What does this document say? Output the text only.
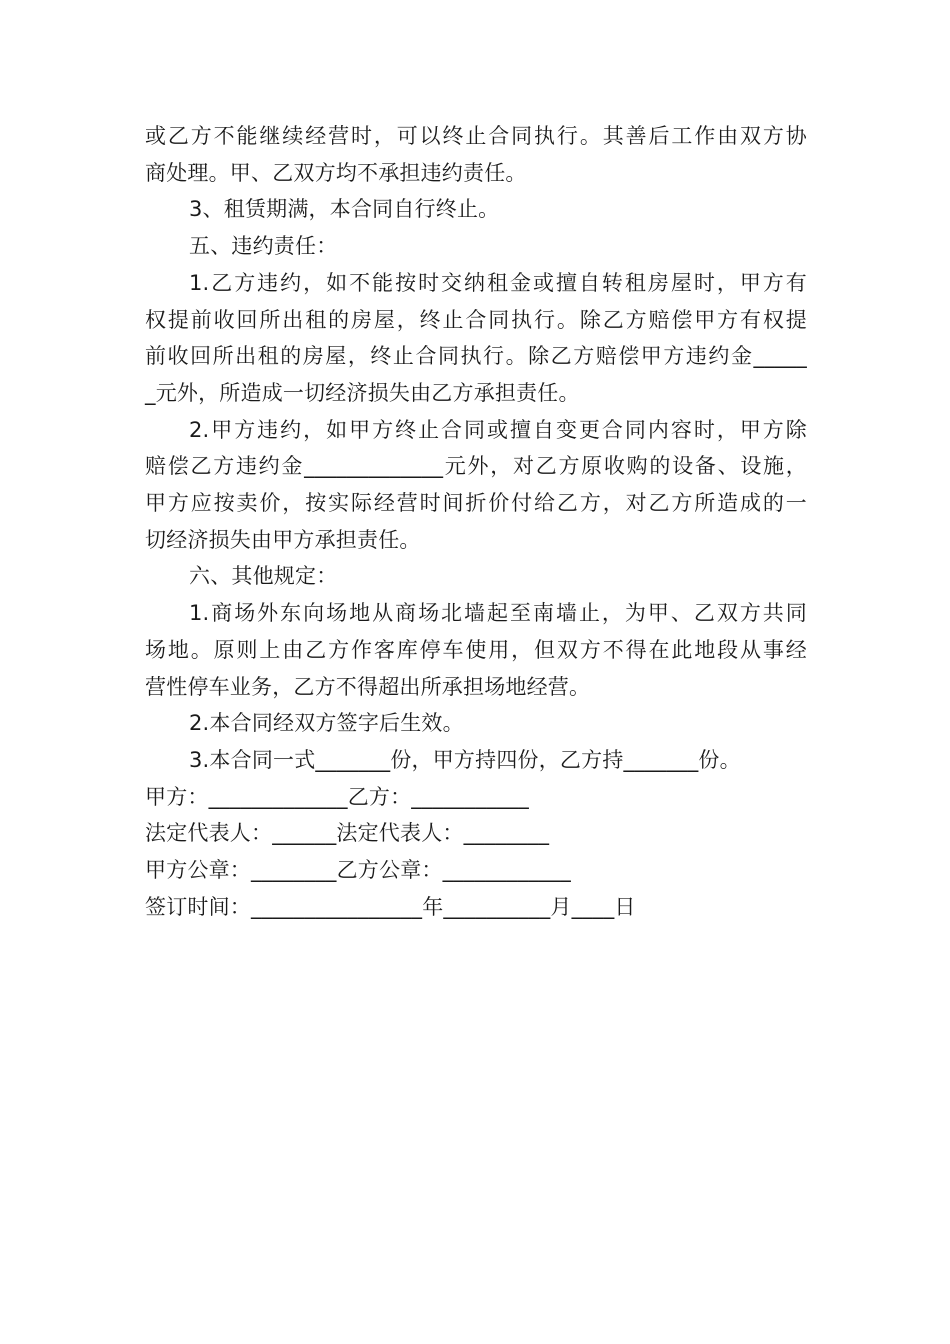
或乙方不能继续经营时，可以终止合同执行。其善后工作由双方协

商处理。甲、乙双方均不承担违约责任。

3、租赁期满，本合同自行终止。

五、违约责任：

1.乙方违约，如不能按时交纳租金或擅自转租房屋时，甲方有

权提前收回所出租的房屋，终止合同执行。除乙方赔偿甲方有权提

前收回所出租的房屋，终止合同执行。除乙方赔偿甲方违约金_____

_元外，所造成一切经济损失由乙方承担责任。

2.甲方违约，如甲方终止合同或擅自变更合同内容时，甲方除

赔偿乙方违约金_____________元外，对乙方原收购的设备、设施，

甲方应按卖价，按实际经营时间折价付给乙方，对乙方所造成的一

切经济损失由甲方承担责任。

六、其他规定：

1.商场外东向场地从商场北墙起至南墙止，为甲、乙双方共同

场地。原则上由乙方作客库停车使用，但双方不得在此地段从事经

营性停车业务，乙方不得超出所承担场地经营。

2.本合同经双方签字后生效。

3.本合同一式_______份，甲方持四份，乙方持_______份。

甲方：_____________乙方：___________

法定代表人：______法定代表人：________

甲方公章：________乙方公章：____________

签订时间：________________年__________月____日
